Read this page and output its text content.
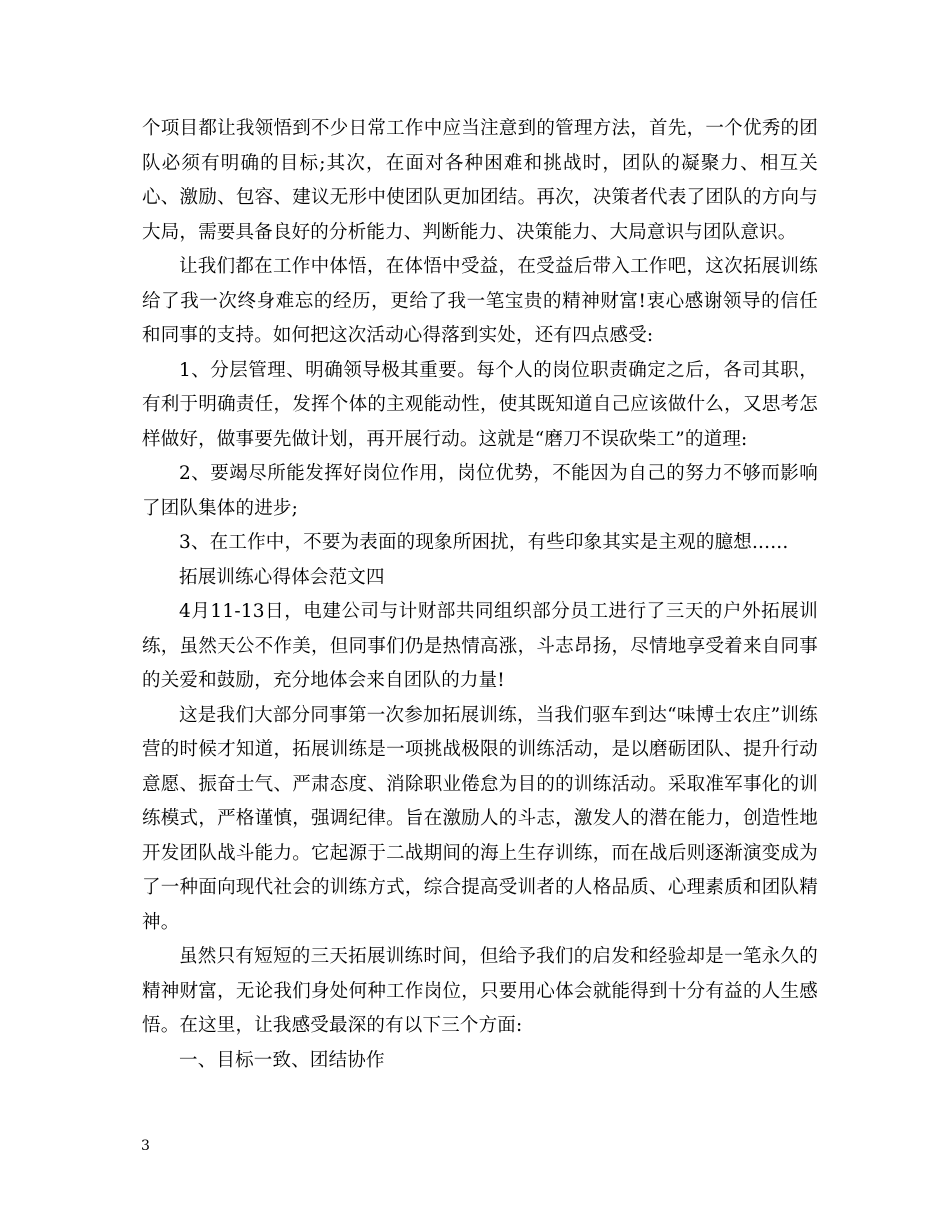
个项目都让我领悟到不少日常工作中应当注意到的管理方法，首先，一个优秀的团队必须有明确的目标;其次，在面对各种困难和挑战时，团队的凝聚力、相互关心、激励、包容、建议无形中使团队更加团结。再次，决策者代表了团队的方向与大局，需要具备良好的分析能力、判断能力、决策能力、大局意识与团队意识。

让我们都在工作中体悟，在体悟中受益，在受益后带入工作吧，这次拓展训练给了我一次终身难忘的经历，更给了我一笔宝贵的精神财富!衷心感谢领导的信任和同事的支持。如何把这次活动心得落到实处，还有四点感受:

1、分层管理、明确领导极其重要。每个人的岗位职责确定之后，各司其职，有利于明确责任，发挥个体的主观能动性，使其既知道自己应该做什么，又思考怎样做好，做事要先做计划，再开展行动。这就是“磨刀不误砍柴工”的道理:

2、要竭尽所能发挥好岗位作用，岗位优势，不能因为自己的努力不够而影响了团队集体的进步;

3、在工作中，不要为表面的现象所困扰，有些印象其实是主观的臆想......

拓展训练心得体会范文四

4月11-13日，电建公司与计财部共同组织部分员工进行了三天的户外拓展训练，虽然天公不作美，但同事们仍是热情高涨，斗志昂扬，尽情地享受着来自同事的关爱和鼓励，充分地体会来自团队的力量!

这是我们大部分同事第一次参加拓展训练，当我们驱车到达“味博士农庄”训练营的时候才知道，拓展训练是一项挑战极限的训练活动，是以磨砺团队、提升行动意愿、振奋士气、严肃态度、消除职业倦怠为目的的训练活动。采取准军事化的训练模式，严格谨慎，强调纪律。旨在激励人的斗志，激发人的潜在能力，创造性地开发团队战斗能力。它起源于二战期间的海上生存训练，而在战后则逐渐演变成为了一种面向现代社会的训练方式，综合提高受训者的人格品质、心理素质和团队精神。

虽然只有短短的三天拓展训练时间，但给予我们的启发和经验却是一笔永久的精神财富，无论我们身处何种工作岗位，只要用心体会就能得到十分有益的人生感悟。在这里，让我感受最深的有以下三个方面:

一、目标一致、团结协作

3
